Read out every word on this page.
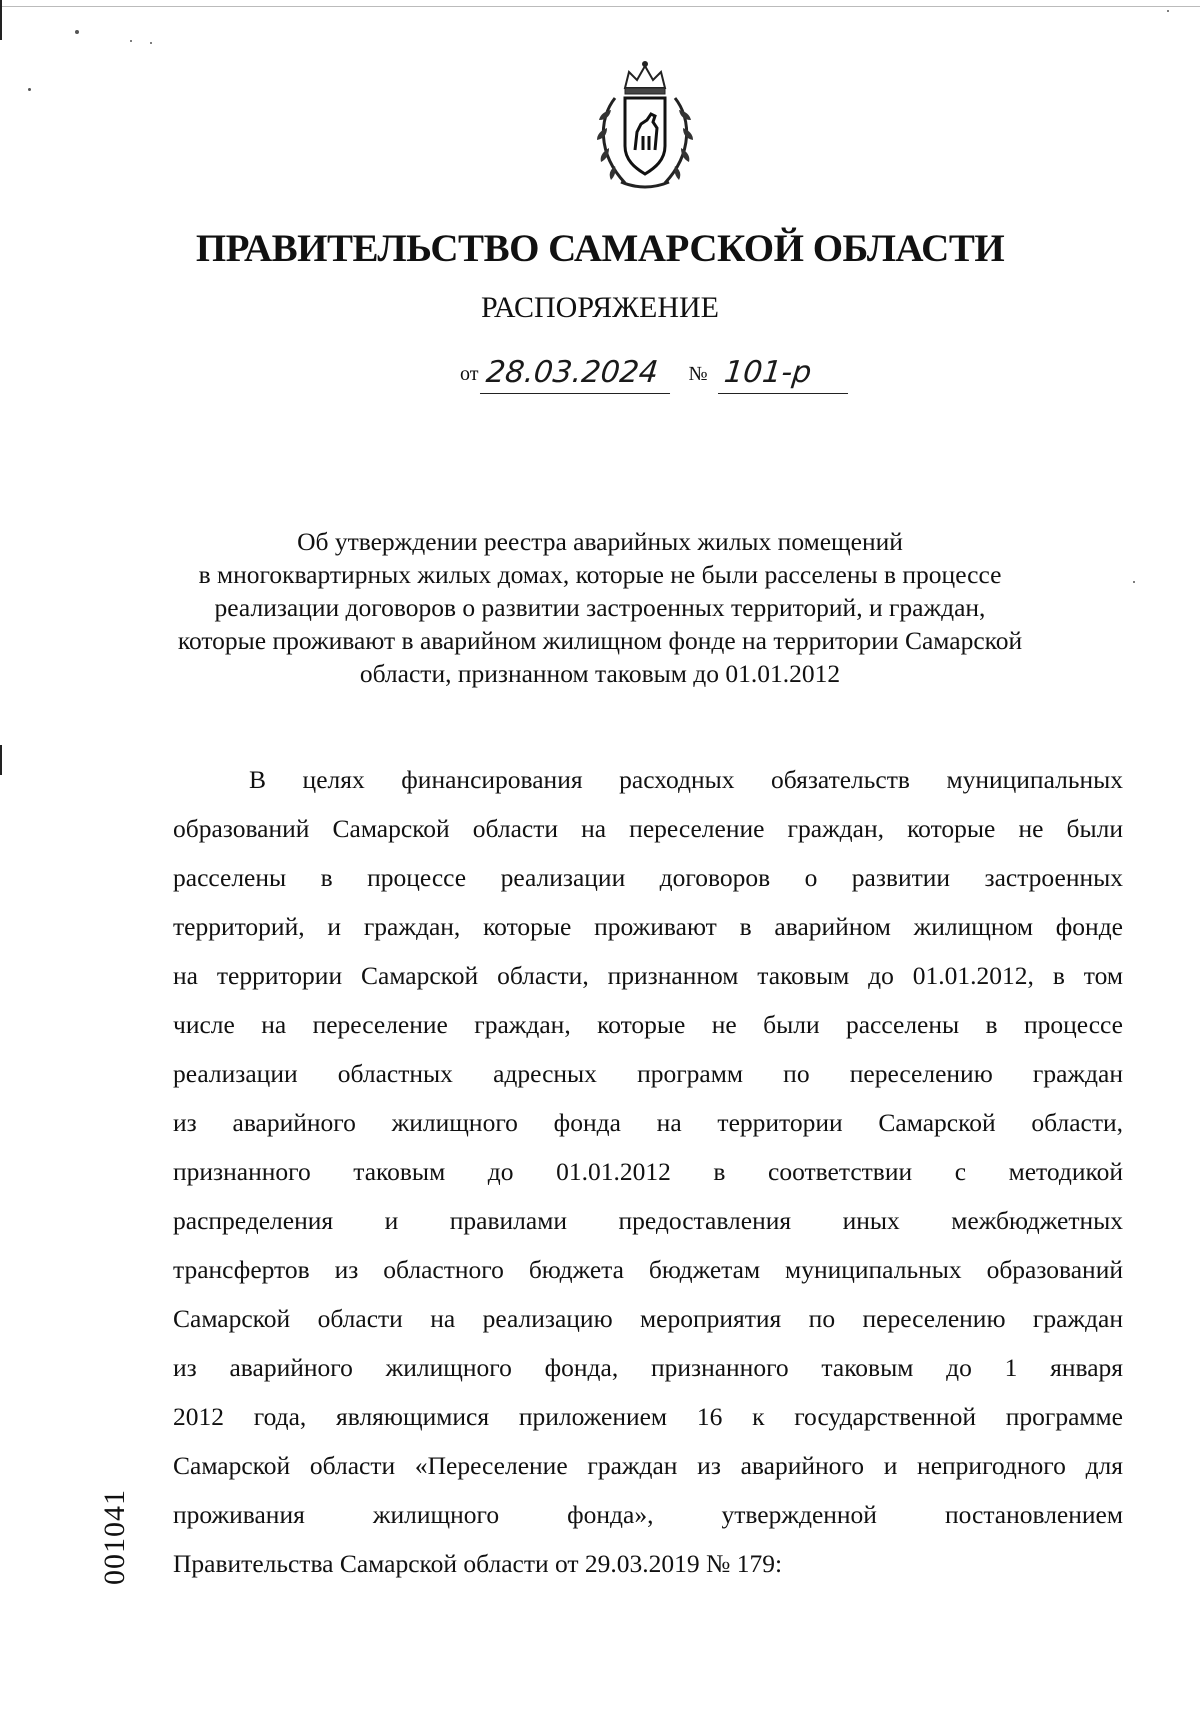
ПРАВИТЕЛЬСТВО САМАРСКОЙ ОБЛАСТИ
РАСПОРЯЖЕНИЕ
от 28.03.2024	№ 101-р
Об утверждении реестра аварийных жилых помещений
в многоквартирных жилых домах, которые не были расселены в процессе
реализации договоров о развитии застроенных территорий, и граждан,
которые проживают в аварийном жилищном фонде на территории Самарской
области, признанном таковым до 01.01.2012
В целях финансирования расходных обязательств муниципальных
образований Самарской области на переселение граждан, которые не были
расселены в процессе реализации договоров о развитии застроенных
территорий, и граждан, которые проживают в аварийном жилищном фонде
на территории Самарской области, признанном таковым до 01.01.2012, в том
числе на переселение граждан, которые не были расселены в процессе
реализации областных адресных программ по переселению граждан
из аварийного жилищного фонда на территории Самарской области,
признанного таковым до 01.01.2012 в соответствии с методикой
распределения и правилами предоставления иных межбюджетных
трансфертов из областного бюджета бюджетам муниципальных образований
Самарской области на реализацию мероприятия по переселению граждан
из аварийного жилищного фонда, признанного таковым до 1 января
2012 года, являющимися приложением 16 к государственной программе
Самарской области «Переселение граждан из аварийного и непригодного для
проживания жилищного фонда», утвержденной постановлением
Правительства Самарской области от 29.03.2019 № 179:
001041
